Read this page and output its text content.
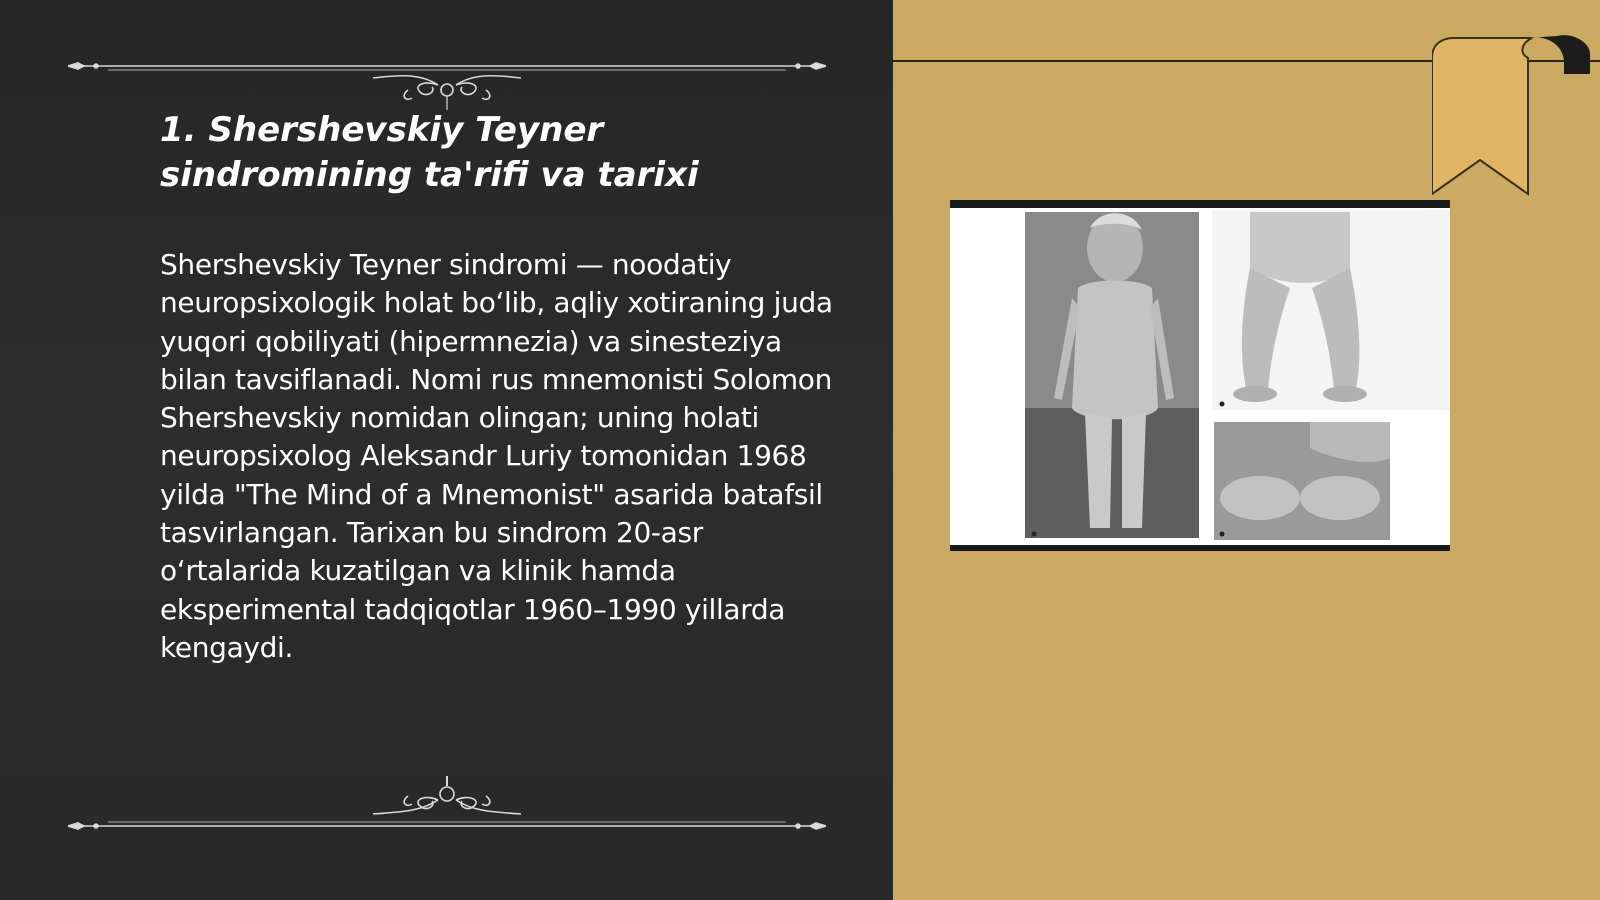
1. Shershevskiy Teyner sindromining ta'rifi va tarixi

Shershevskiy Teyner sindromi — noodatiy neuropsixologik holat bo‘lib, aqliy xotiraning juda yuqori qobiliyati (hipermnezia) va sinesteziya bilan tavsiflanadi. Nomi rus mnemonisti Solomon Shershevskiy nomidan olingan; uning holati neuropsixolog Aleksandr Luriy tomonidan 1968 yilda "The Mind of a Mnemonist" asarida batafsil tasvirlangan. Tarixan bu sindrom 20-asr o‘rtalarida kuzatilgan va klinik hamda eksperimental tadqiqotlar 1960–1990 yillarda kengaydi.
